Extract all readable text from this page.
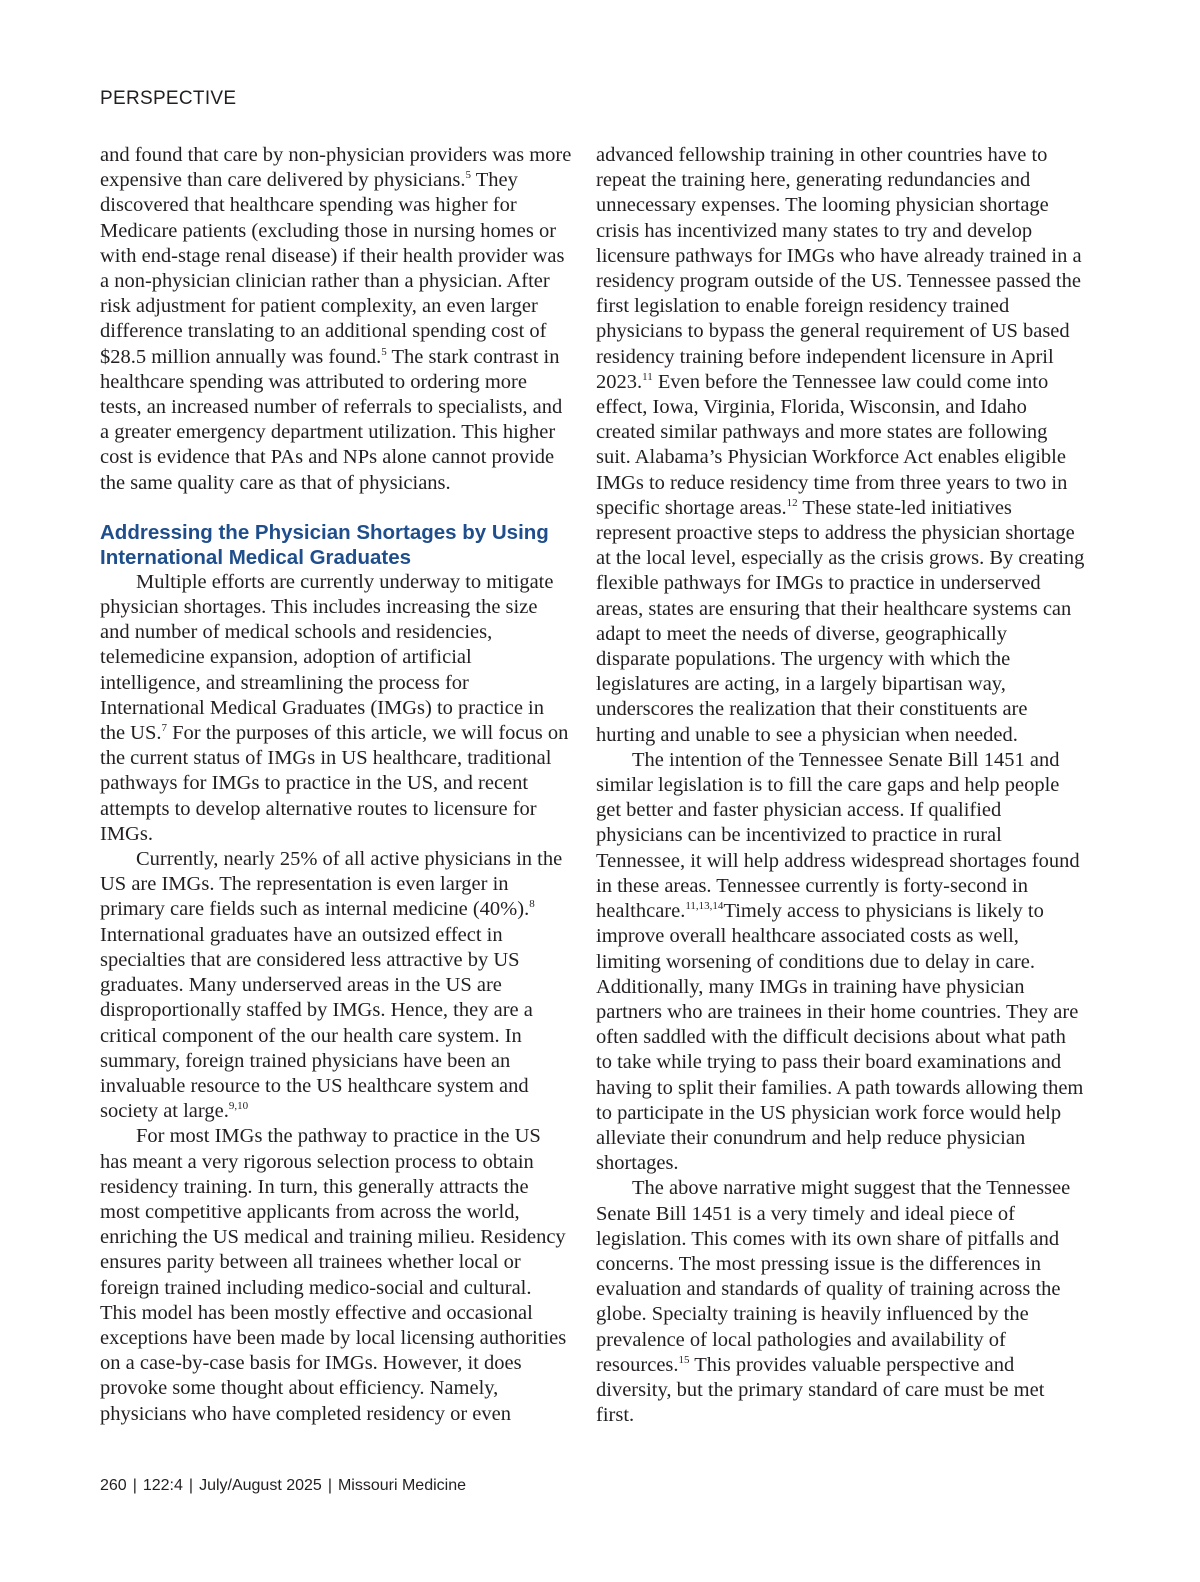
PERSPECTIVE

and found that care by non-physician providers was more expensive than care delivered by physicians.$^5$ They discovered that healthcare spending was higher for Medicare patients (excluding those in nursing homes or with end-stage renal disease) if their health provider was a non-physician clinician rather than a physician. After risk adjustment for patient complexity, an even larger difference translating to an additional spending cost of $28.5 million annually was found.$^5$ The stark contrast in healthcare spending was attributed to ordering more tests, an increased number of referrals to specialists, and a greater emergency department utilization. This higher cost is evidence that PAs and NPs alone cannot provide the same quality care as that of physicians.

Addressing the Physician Shortages by Using International Medical Graduates

Multiple efforts are currently underway to mitigate physician shortages. This includes increasing the size and number of medical schools and residencies, telemedicine expansion, adoption of artificial intelligence, and streamlining the process for International Medical Graduates (IMGs) to practice in the US.$^7$ For the purposes of this article, we will focus on the current status of IMGs in US healthcare, traditional pathways for IMGs to practice in the US, and recent attempts to develop alternative routes to licensure for IMGs.

Currently, nearly 25% of all active physicians in the US are IMGs. The representation is even larger in primary care fields such as internal medicine (40%).$^8$ International graduates have an outsized effect in specialties that are considered less attractive by US graduates. Many underserved areas in the US are disproportionally staffed by IMGs. Hence, they are a critical component of the our health care system. In summary, foreign trained physicians have been an invaluable resource to the US healthcare system and society at large.$^{9,10}$

For most IMGs the pathway to practice in the US has meant a very rigorous selection process to obtain residency training. In turn, this generally attracts the most competitive applicants from across the world, enriching the US medical and training milieu. Residency ensures parity between all trainees whether local or foreign trained including medico-social and cultural. This model has been mostly effective and occasional exceptions have been made by local licensing authorities on a case-by-case basis for IMGs. However, it does provoke some thought about efficiency. Namely, physicians who have completed residency or even

advanced fellowship training in other countries have to repeat the training here, generating redundancies and unnecessary expenses. The looming physician shortage crisis has incentivized many states to try and develop licensure pathways for IMGs who have already trained in a residency program outside of the US. Tennessee passed the first legislation to enable foreign residency trained physicians to bypass the general requirement of US based residency training before independent licensure in April 2023.11 Even before the Tennessee law could come into effect, Iowa, Virginia, Florida, Wisconsin, and Idaho created similar pathways and more states are following suit. Alabama’s Physician Workforce Act enables eligible IMGs to reduce residency time from three years to two in specific shortage areas.$^{12}$ These state-led initiatives represent proactive steps to address the physician shortage at the local level, especially as the crisis grows. By creating flexible pathways for IMGs to practice in underserved areas, states are ensuring that their healthcare systems can adapt to meet the needs of diverse, geographically disparate populations. The urgency with which the legislatures are acting, in a largely bipartisan way, underscores the realization that their constituents are hurting and unable to see a physician when needed.

The intention of the Tennessee Senate Bill 1451 and similar legislation is to fill the care gaps and help people get better and faster physician access. If qualified physicians can be incentivized to practice in rural Tennessee, it will help address widespread shortages found in these areas. Tennessee currently is forty-second in healthcare.$^{11,13,14}$Timely access to physicians is likely to improve overall healthcare associated costs as well, limiting worsening of conditions due to delay in care. Additionally, many IMGs in training have physician partners who are trainees in their home countries. They are often saddled with the difficult decisions about what path to take while trying to pass their board examinations and having to split their families. A path towards allowing them to participate in the US physician work force would help alleviate their conundrum and help reduce physician shortages.

The above narrative might suggest that the Tennessee Senate Bill 1451 is a very timely and ideal piece of legislation. This comes with its own share of pitfalls and concerns. The most pressing issue is the differences in evaluation and standards of quality of training across the globe. Specialty training is heavily influenced by the prevalence of local pathologies and availability of resources.$^{15}$ This provides valuable perspective and diversity, but the primary standard of care must be met first.

260 | 122:4 | July/August 2025 | Missouri Medicine
